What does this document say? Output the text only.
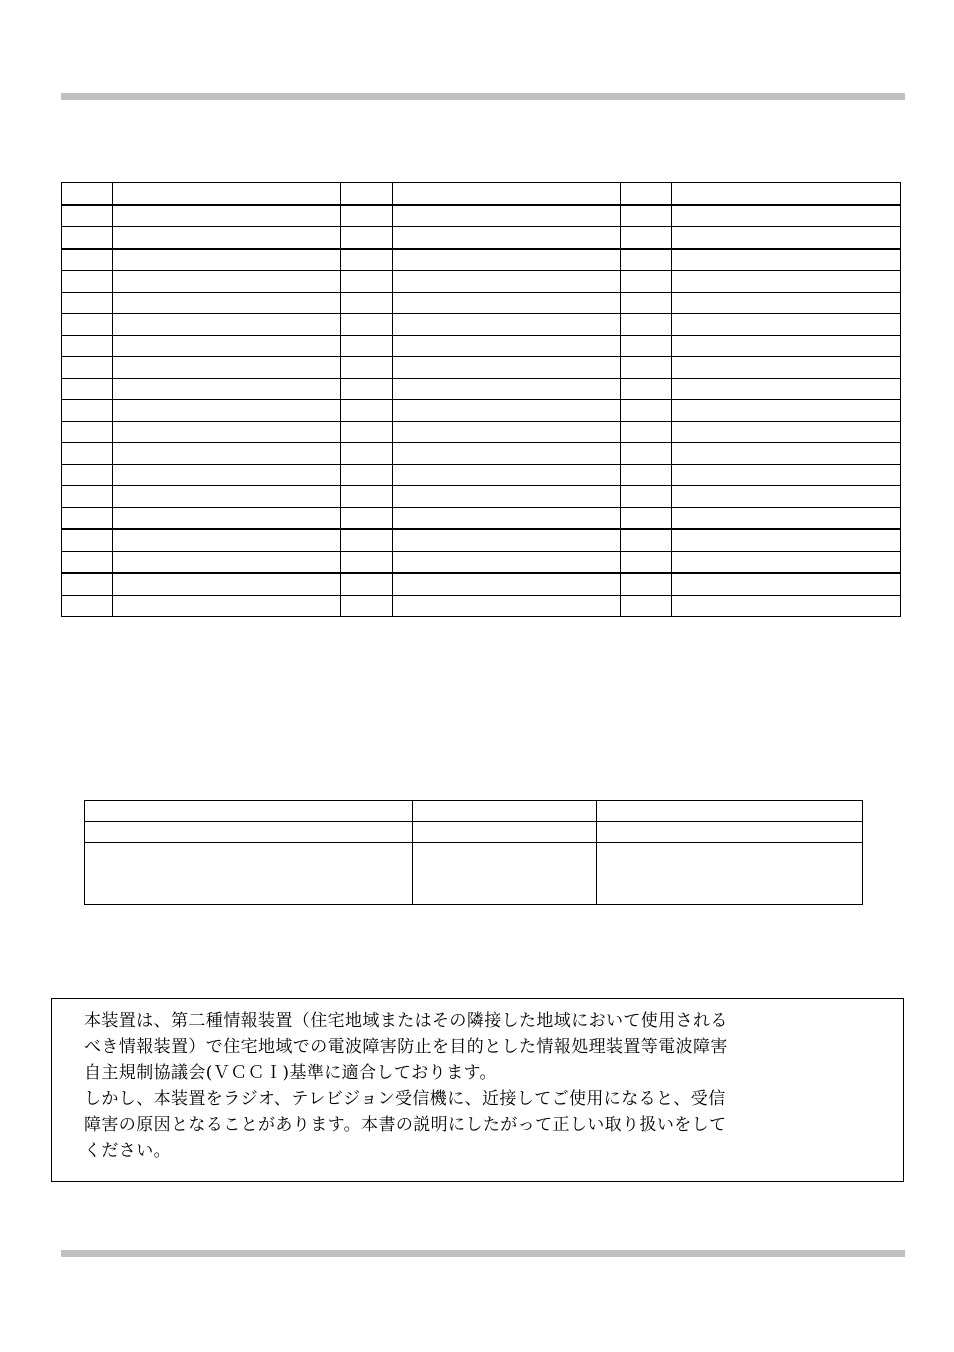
本装置は、第二種情報装置（住宅地域またはその隣接した地域において使用される
べき情報装置）で住宅地域での電波障害防止を目的とした情報処理装置等電波障害
自主規制協議会(ＶＣＣＩ)基準に適合しております。
しかし、本装置をラジオ、テレビジョン受信機に、近接してご使用になると、受信
障害の原因となることがあります。本書の説明にしたがって正しい取り扱いをして
ください。
